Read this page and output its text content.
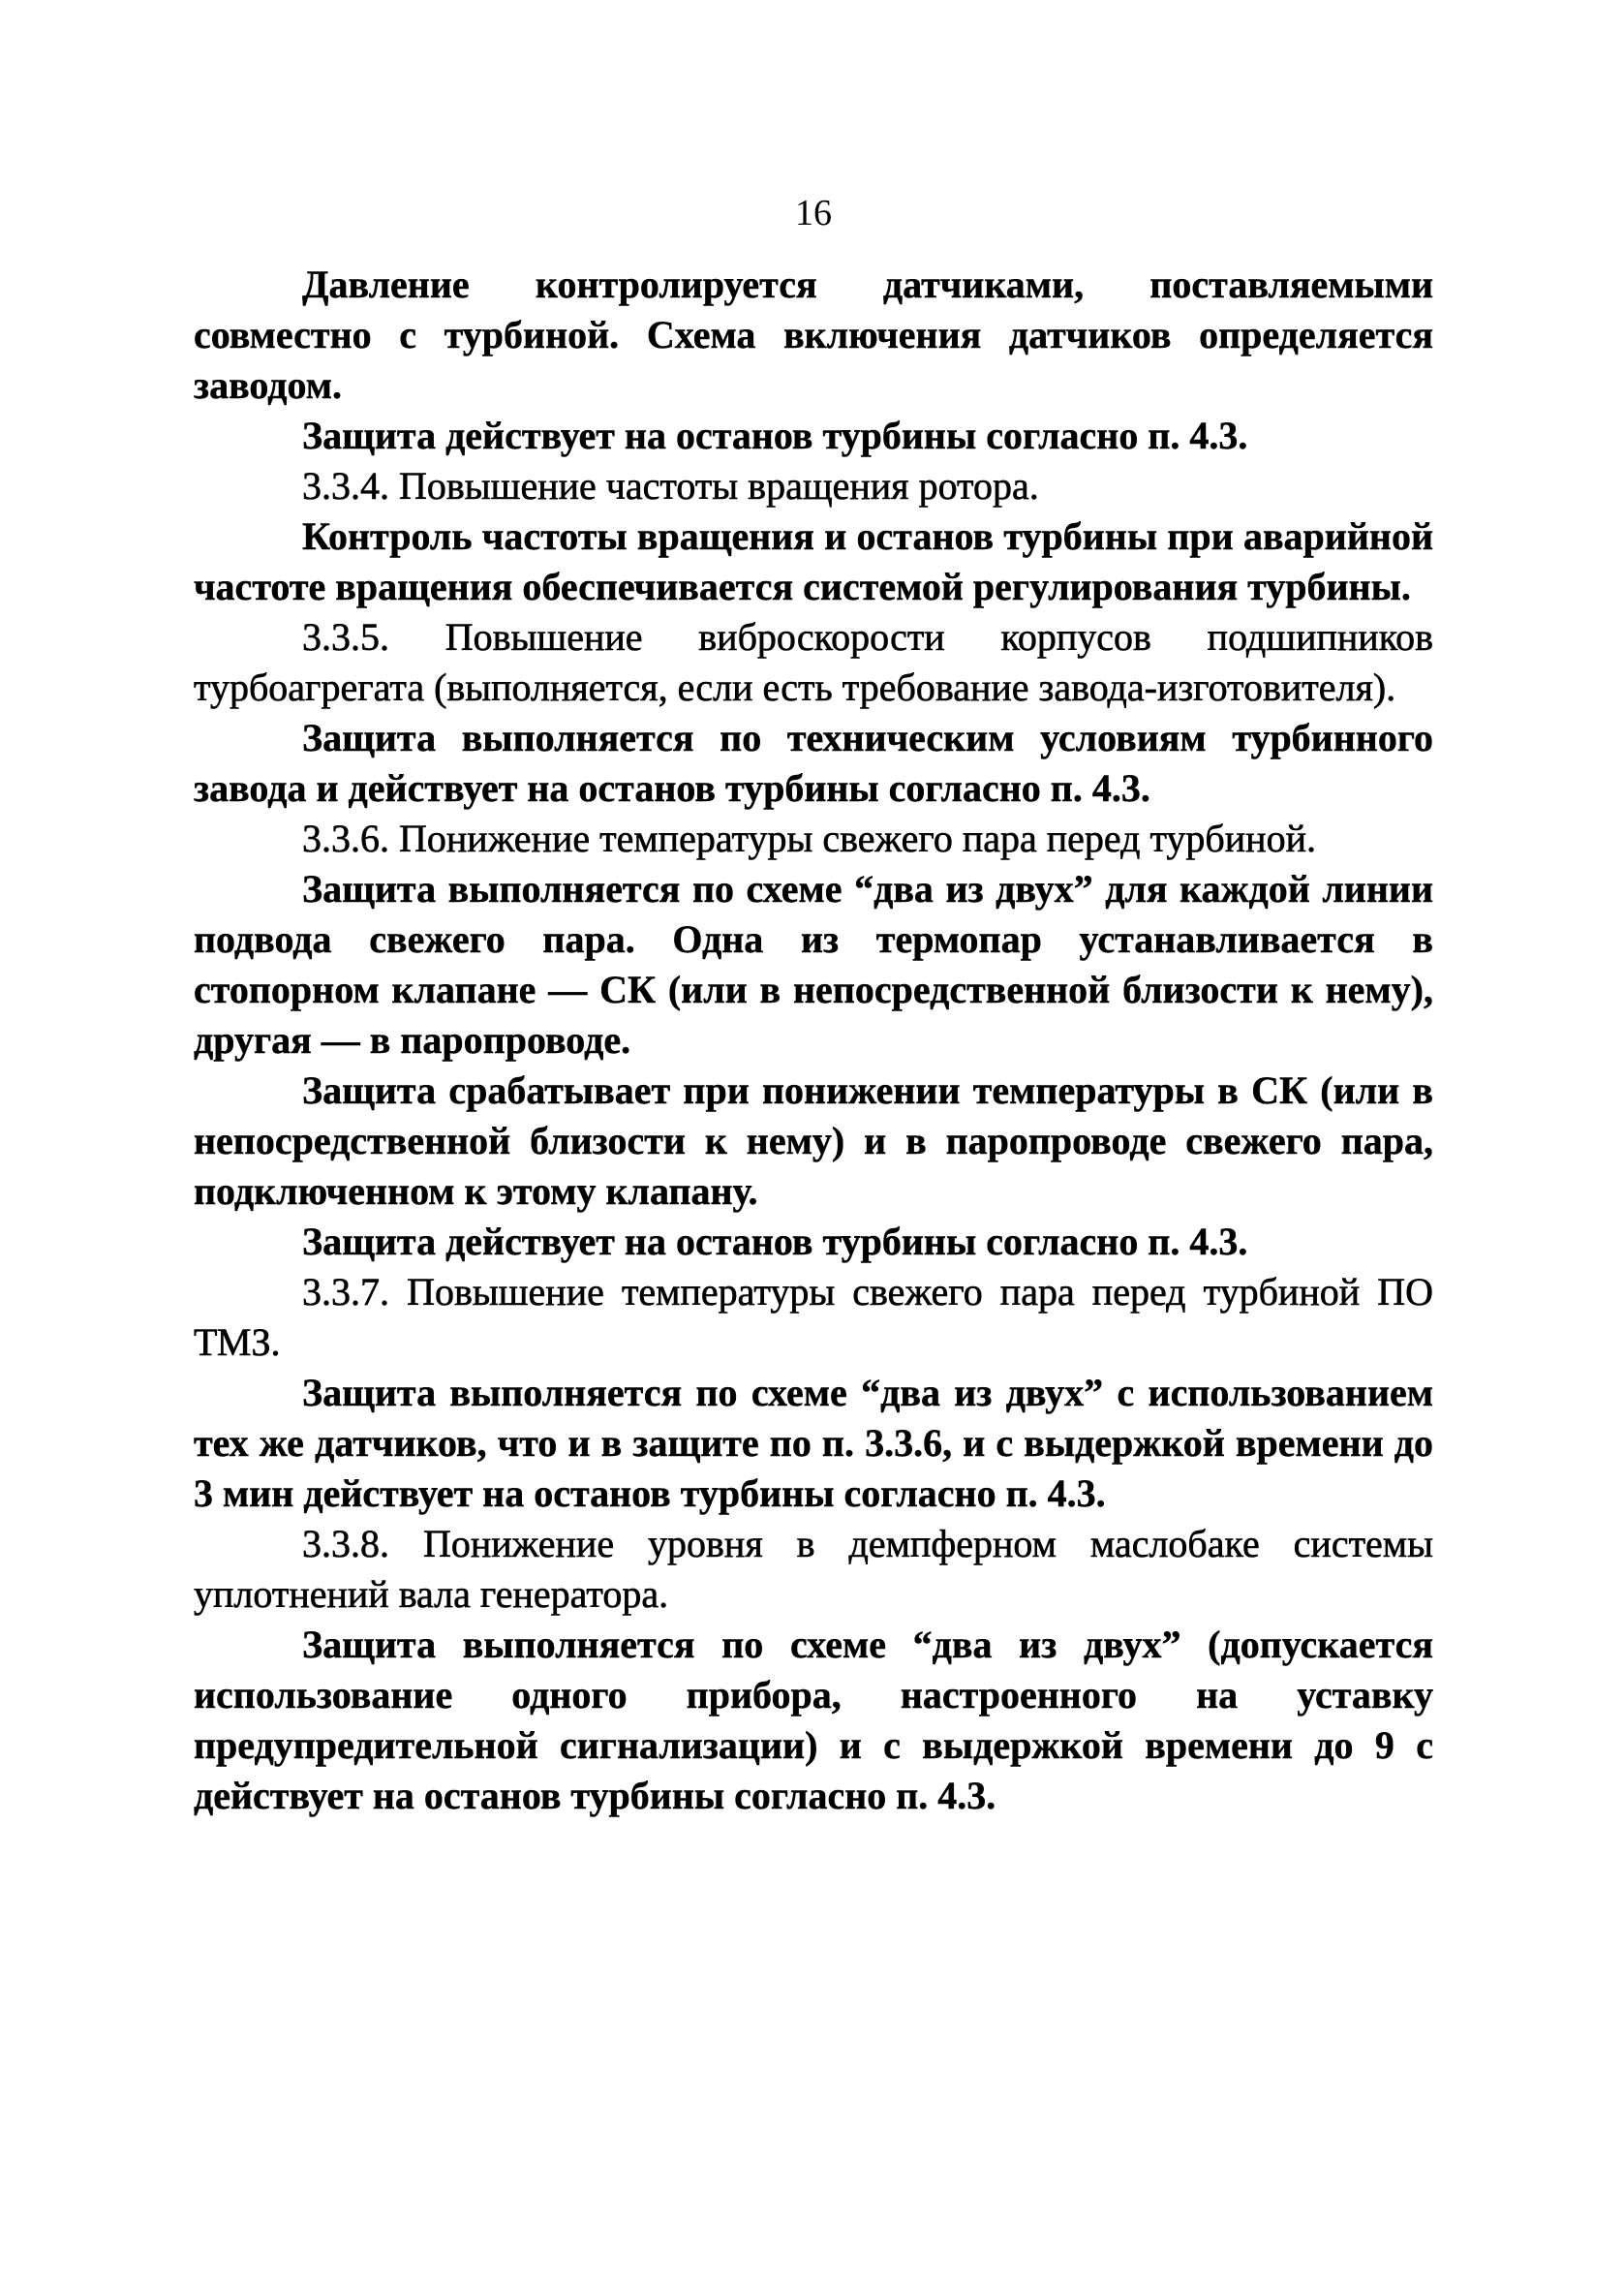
16

Давление контролируется датчиками, поставляемыми совместно с турбиной. Схема включения датчиков определяется заводом.

Защита действует на останов турбины согласно п. 4.3.

3.3.4. Повышение частоты вращения ротора.

Контроль частоты вращения и останов турбины при аварийной частоте вращения обеспечивается системой регулирования турбины.

3.3.5. Повышение виброскорости корпусов подшипников турбоагрегата (выполняется, если есть требование завода-изготовителя).

Защита выполняется по техническим условиям турбинного завода и действует на останов турбины согласно п. 4.3.

3.3.6. Понижение температуры свежего пара перед турбиной.

Защита выполняется по схеме “два из двух” для каждой линии подвода свежего пара. Одна из термопар устанавливается в стопорном клапане — СК (или в непосредственной близости к нему), другая — в паропроводе.

Защита срабатывает при понижении температуры в СК (или в непосредственной близости к нему) и в паропроводе свежего пара, подключенном к этому клапану.

Защита действует на останов турбины согласно п. 4.3.

3.3.7. Повышение температуры свежего пара перед турбиной ПО ТМЗ.

Защита выполняется по схеме “два из двух” с использованием тех же датчиков, что и в защите по п. 3.3.6, и с выдержкой времени до 3 мин действует на останов турбины согласно п. 4.3.

3.3.8. Понижение уровня в демпферном маслобаке системы уплотнений вала генератора.

Защита выполняется по схеме “два из двух” (допускается использование одного прибора, настроенного на уставку предупредительной сигнализации) и с выдержкой времени до 9 с действует на останов турбины согласно п. 4.3.
